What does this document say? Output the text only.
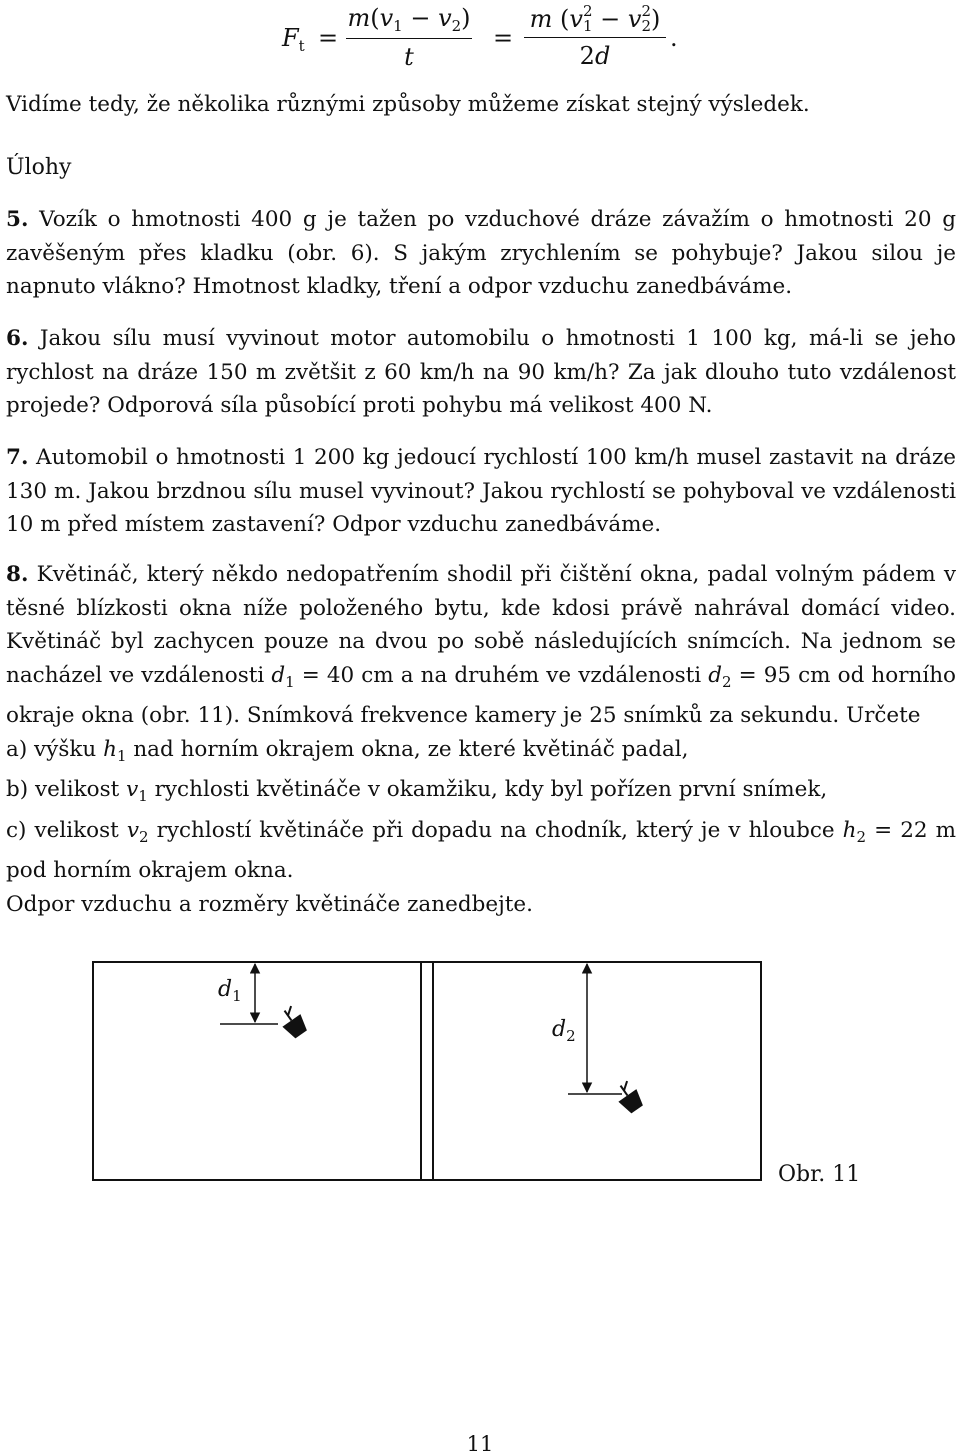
$F_t$ =
$m(v_1 - v_2)$
t
=
m (v 2
1 − v 2
2 )
2d
.

Vidíme tedy, že několika různými způsoby můžeme získat stejný výsledek.

Úlohy

5. Vozík o hmotnosti 400 g je tažen po vzduchové dráze závažím o hmotnosti 20 g zavěšeným přes kladku (obr. 6). S jakým zrychlením se pohybuje? Jakou silou je napnuto vlákno? Hmotnost kladky, tření a odpor vzduchu zanedbáváme.

6. Jakou sílu musí vyvinout motor automobilu o hmotnosti 1 100 kg, má-li se jeho rychlost na dráze 150 m zvětšit z 60 km/h na 90 km/h? Za jak dlouho tuto vzdálenost projede? Odporová síla působící proti pohybu má velikost 400 N.

7. Automobil o hmotnosti 1 200 kg jedoucí rychlostí 100 km/h musel zastavit na dráze 130 m. Jakou brzdnou sílu musel vyvinout? Jakou rychlostí se pohyboval ve vzdálenosti 10 m před místem zastavení? Odpor vzduchu zanedbáváme.

8. Květináč, který někdo nedopatřením shodil při čištění okna, padal volným pádem v těsné blízkosti okna níže položeného bytu, kde kdosi právě nahrával domácí video. Květináč byl zachycen pouze na dvou po sobě následujících snímcích. Na jednom se nacházel ve vzdálenosti $d_1 = 40$ cm a na druhém ve vzdálenosti $d_2 = 95$ cm od horního okraje okna (obr. 11). Snímková frekvence kamery je 25 snímků za sekundu. Určete
a) výšku $h_1$ nad horním okrajem okna, ze které květináč padal,
b) velikost $v_1$ rychlosti květináče v okamžiku, kdy byl pořízen první snímek,
c) velikost $v_2$ rychlostí květináče při dopadu na chodník, který je v hloubce $h_2 = 22$ m pod horním okrajem okna.
Odpor vzduchu a rozměry květináče zanedbejte.
$d_1$
$d_2$
Obr. 11
11
